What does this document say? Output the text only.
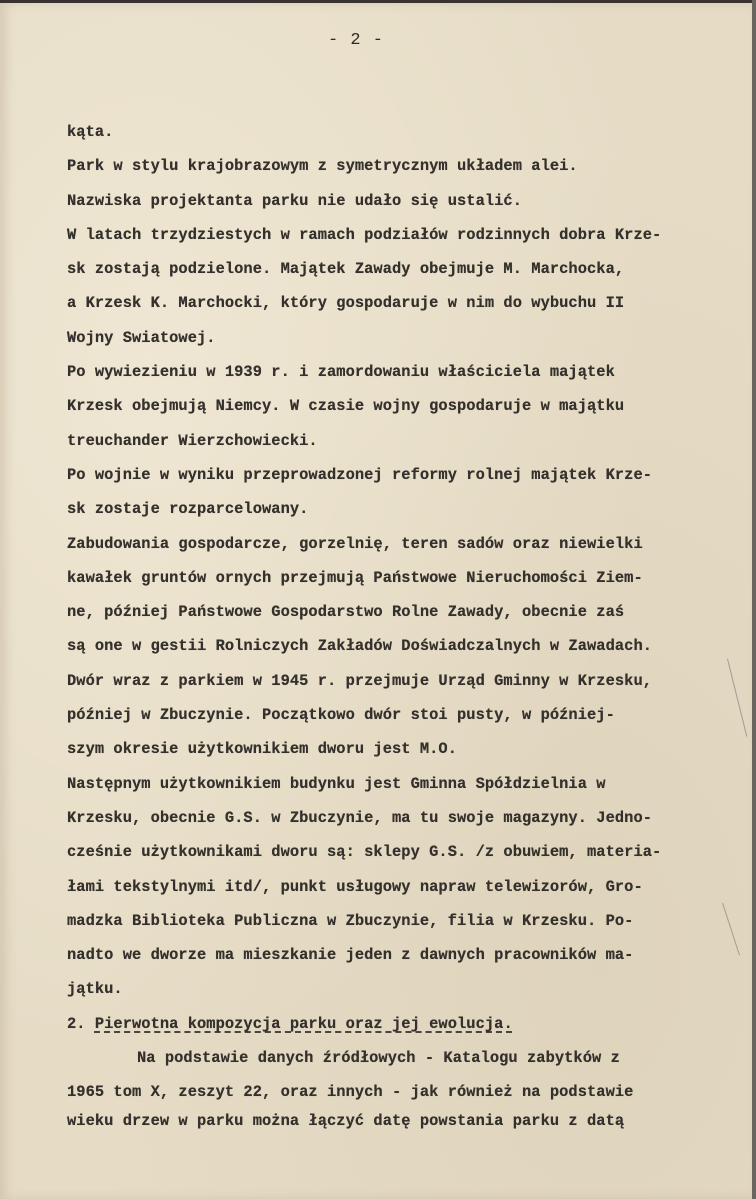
- 2 -
kąta.
Park w stylu krajobrazowym z symetrycznym układem alei.
Nazwiska projektanta parku nie udało się ustalić.
W latach trzydziestych w ramach podziałów rodzinnych dobra Krze-
sk zostają podzielone. Majątek Zawady obejmuje M. Marchocka,
a Krzesk K. Marchocki, który gospodaruje w nim do wybuchu II
Wojny Swiatowej.
Po wywiezieniu w 1939 r. i zamordowaniu właściciela majątek
Krzesk obejmują Niemcy. W czasie wojny gospodaruje w majątku
treuchander Wierzchowiecki.
Po wojnie w wyniku przeprowadzonej reformy rolnej majątek Krze-
sk zostaje rozparcelowany.
Zabudowania gospodarcze, gorzelnię, teren sadów oraz niewielki
kawałek gruntów ornych przejmują Państwowe Nieruchomości Ziem-
ne, później Państwowe Gospodarstwo Rolne Zawady, obecnie zaś
są one w gestii Rolniczych Zakładów Doświadczalnych w Zawadach.
Dwór wraz z parkiem w 1945 r. przejmuje Urząd Gminny w Krzesku,
później w Zbuczynie. Początkowo dwór stoi pusty, w później-
szym okresie użytkownikiem dworu jest M.O.
Następnym użytkownikiem budynku jest Gminna Spółdzielnia w
Krzesku, obecnie G.S. w Zbuczynie, ma tu swoje magazyny. Jedno-
cześnie użytkownikami dworu są: sklepy G.S. /z obuwiem, materia-
łami tekstylnymi itd/, punkt usługowy napraw telewizorów, Gro-
madzka Biblioteka Publiczna w Zbuczynie, filia w Krzesku. Po-
nadto we dworze ma mieszkanie jeden z dawnych pracowników ma-
jątku.
2. Pierwotna kompozycja parku oraz jej ewolucja.
Na podstawie danych źródłowych - Katalogu zabytków z
1965 tom X, zeszyt 22, oraz innych - jak również na podstawie
wieku drzew w parku można łączyć datę powstania parku z datą
